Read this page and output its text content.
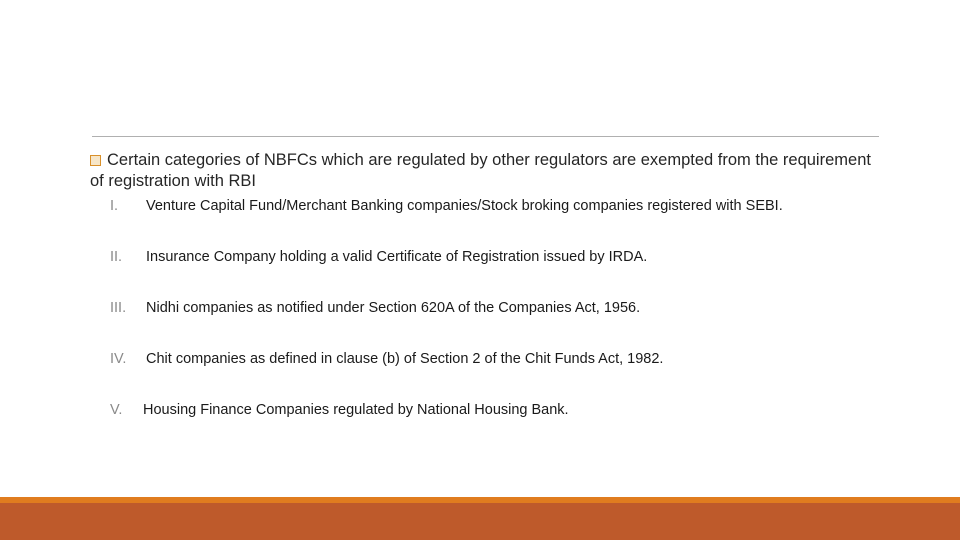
Certain categories of NBFCs which are regulated by other regulators are exempted from the requirement of registration with RBI
I. Venture Capital Fund/Merchant Banking companies/Stock broking companies registered with SEBI.
II. Insurance Company holding a valid Certificate of Registration issued by IRDA.
III. Nidhi companies as notified under Section 620A of the Companies Act, 1956.
IV. Chit companies as defined in clause (b) of Section 2 of the Chit Funds Act, 1982.
V. Housing Finance Companies regulated by National Housing Bank.
